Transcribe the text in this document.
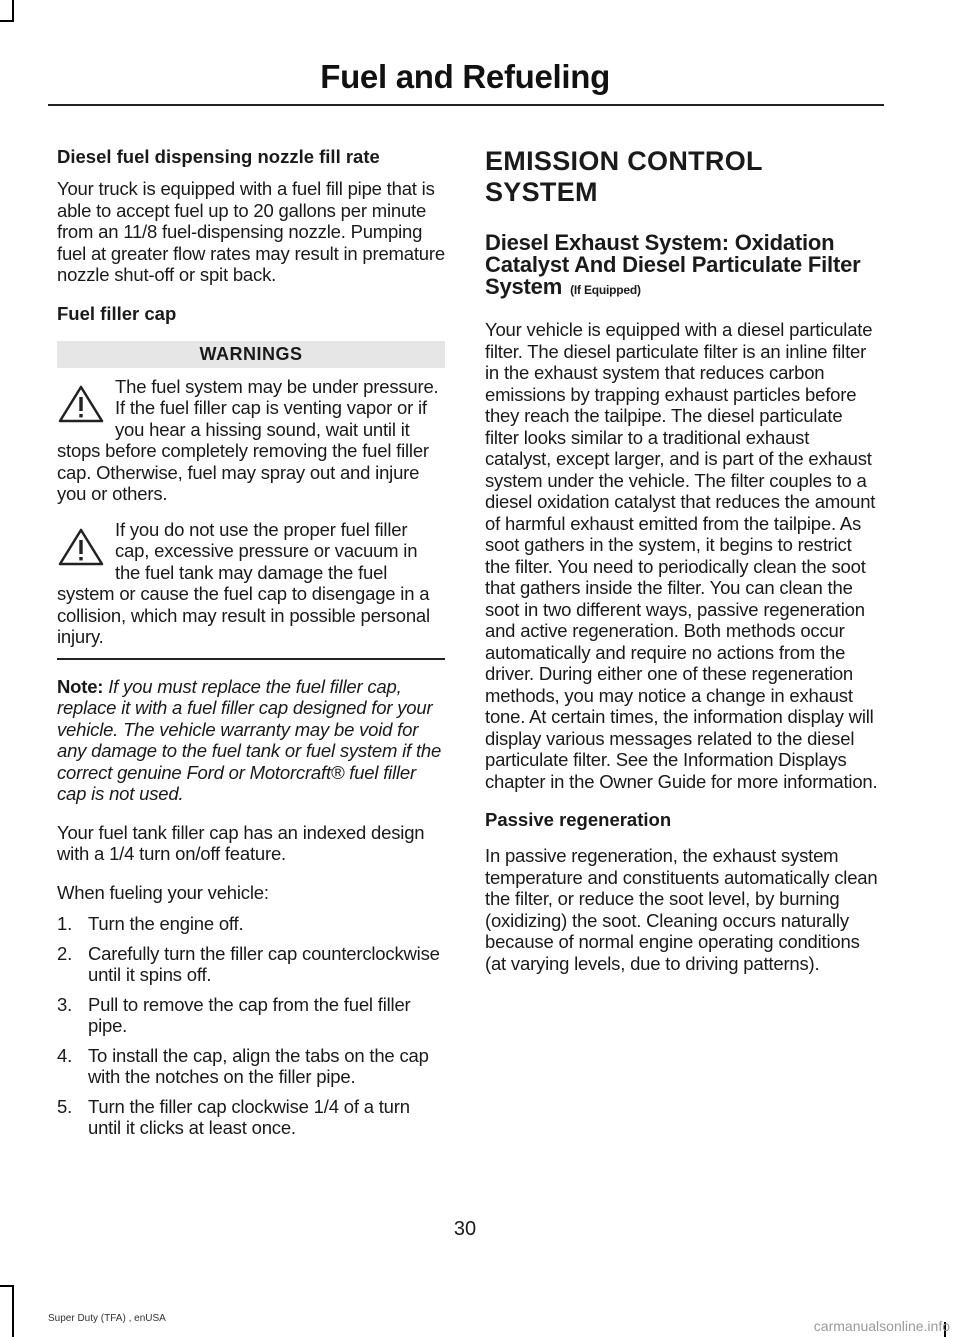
Fuel and Refueling
Diesel fuel dispensing nozzle fill rate

Your truck is equipped with a fuel fill pipe that is able to accept fuel up to 20 gallons per minute from an 11/8 fuel-dispensing nozzle. Pumping fuel at greater flow rates may result in premature nozzle shut-off or spit back.

Fuel filler cap
WARNINGS
The fuel system may be under pressure. If the fuel filler cap is venting vapor or if you hear a hissing sound, wait until it stops before completely removing the fuel filler cap. Otherwise, fuel may spray out and injure you or others.
If you do not use the proper fuel filler cap, excessive pressure or vacuum in the fuel tank may damage the fuel system or cause the fuel cap to disengage in a collision, which may result in possible personal injury.

Note: If you must replace the fuel filler cap, replace it with a fuel filler cap designed for your vehicle. The vehicle warranty may be void for any damage to the fuel tank or fuel system if the correct genuine Ford or Motorcraft® fuel filler cap is not used.

Your fuel tank filler cap has an indexed design with a 1/4 turn on/off feature.

When fueling your vehicle:

1. Turn the engine off.
2. Carefully turn the filler cap counterclockwise until it spins off.
3. Pull to remove the cap from the fuel filler pipe.
4. To install the cap, align the tabs on the cap with the notches on the filler pipe.
5. Turn the filler cap clockwise 1/4 of a turn until it clicks at least once.
EMISSION CONTROL SYSTEM
Diesel Exhaust System: Oxidation Catalyst And Diesel Particulate Filter System (If Equipped)

Your vehicle is equipped with a diesel particulate filter. The diesel particulate filter is an inline filter in the exhaust system that reduces carbon emissions by trapping exhaust particles before they reach the tailpipe. The diesel particulate filter looks similar to a traditional exhaust catalyst, except larger, and is part of the exhaust system under the vehicle. The filter couples to a diesel oxidation catalyst that reduces the amount of harmful exhaust emitted from the tailpipe. As soot gathers in the system, it begins to restrict the filter. You need to periodically clean the soot that gathers inside the filter. You can clean the soot in two different ways, passive regeneration and active regeneration. Both methods occur automatically and require no actions from the driver. During either one of these regeneration methods, you may notice a change in exhaust tone. At certain times, the information display will display various messages related to the diesel particulate filter. See the Information Displays chapter in the Owner Guide for more information.

Passive regeneration

In passive regeneration, the exhaust system temperature and constituents automatically clean the filter, or reduce the soot level, by burning (oxidizing) the soot. Cleaning occurs naturally because of normal engine operating conditions (at varying levels, due to driving patterns).

30
Super Duty (TFA) , enUSA	carmanualsonline.info
